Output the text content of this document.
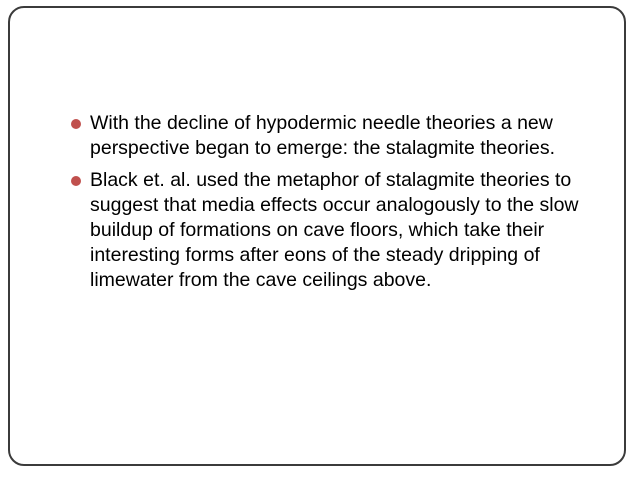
With the decline of hypodermic needle theories a new perspective began to emerge: the stalagmite theories.
Black et. al. used the metaphor of stalagmite theories to suggest that media effects occur analogously to the slow buildup of formations on cave floors, which take their interesting forms after eons of the steady dripping of limewater from the cave ceilings above.
